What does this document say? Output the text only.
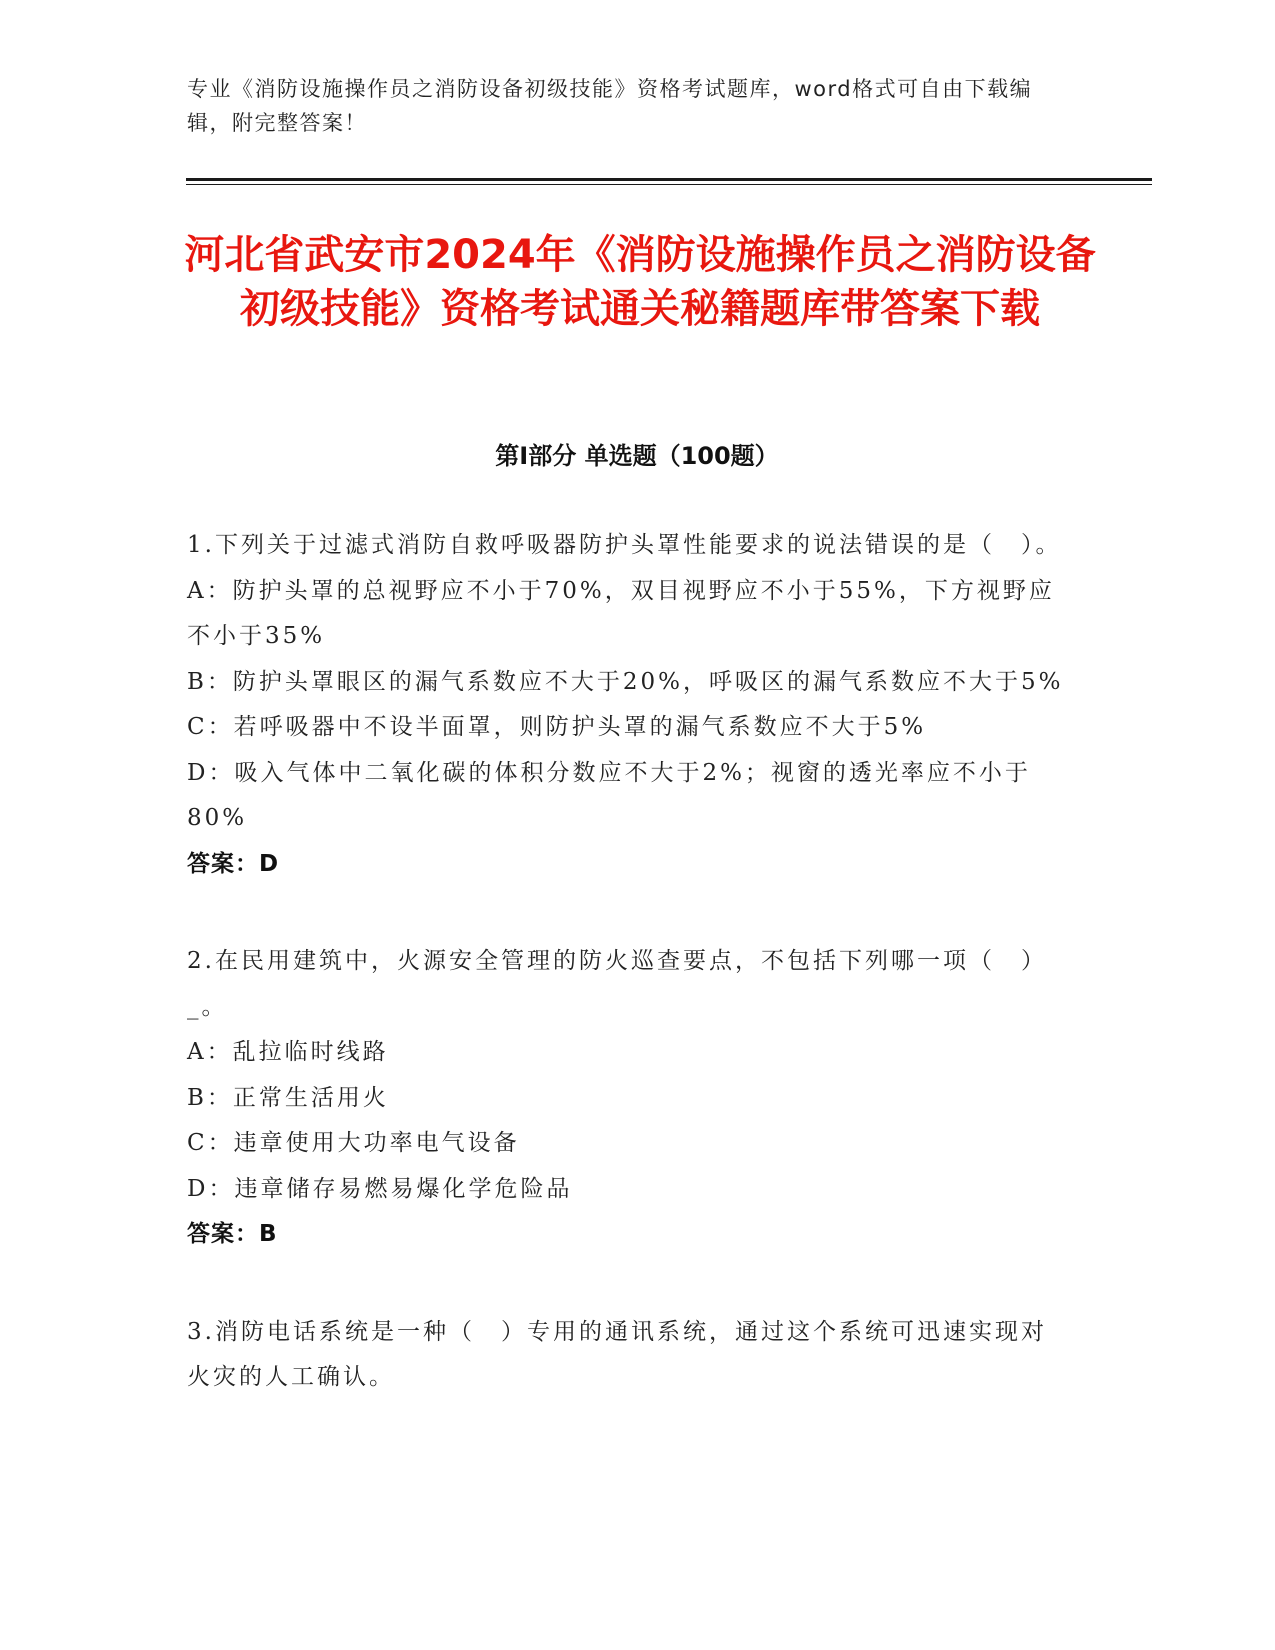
专业《消防设施操作员之消防设备初级技能》资格考试题库，word格式可自由下载编辑，附完整答案！
河北省武安市2024年《消防设施操作员之消防设备初级技能》资格考试通关秘籍题库带答案下载
第I部分 单选题（100题）
1.下列关于过滤式消防自救呼吸器防护头罩性能要求的说法错误的是（　）。
A：防护头罩的总视野应不小于70%，双目视野应不小于55%，下方视野应不小于35%
B：防护头罩眼区的漏气系数应不大于20%，呼吸区的漏气系数应不大于5%
C：若呼吸器中不设半面罩，则防护头罩的漏气系数应不大于5%
D：吸入气体中二氧化碳的体积分数应不大于2%；视窗的透光率应不小于80%
答案：D
2.在民用建筑中，火源安全管理的防火巡查要点，不包括下列哪一项（　）_。
A：乱拉临时线路
B：正常生活用火
C：违章使用大功率电气设备
D：违章储存易燃易爆化学危险品
答案：B
3.消防电话系统是一种（　）专用的通讯系统，通过这个系统可迅速实现对火灾的人工确认。
